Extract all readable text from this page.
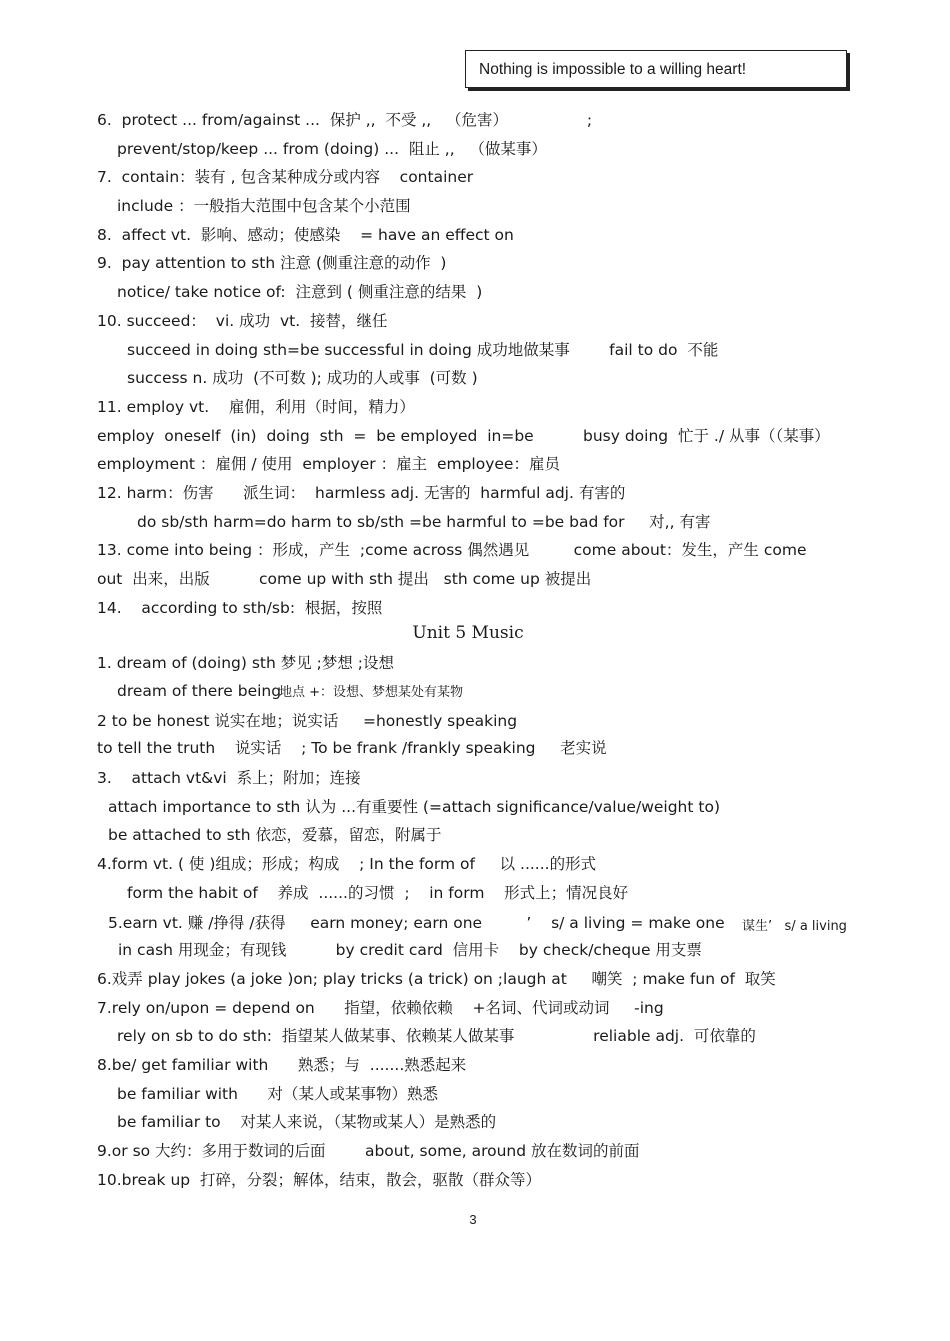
Nothing is impossible to a willing heart!
6.  protect ... from/against ...  保护 ,,  不受 ,,   （危害）                ;
prevent/stop/keep ... from (doing) ...  阻止 ,,   （做某事）
7.  contain：装有 , 包含某种成分或内容    container
include ：一般指大范围中包含某个小范围
8.  affect vt.  影响、感动；使感染    = have an effect on
9.  pay attention to sth 注意 (侧重注意的动作  )
notice/ take notice of:  注意到 ( 侧重注意的结果  )
10. succeed：  vi. 成功  vt.  接替，继任
succeed in doing sth=be successful in doing 成功地做某事        fail to do  不能
success n. 成功  (不可数 ); 成功的人或事  (可数 )
11. employ vt.    雇佣，利用（时间，精力）
employ  oneself  (in)  doing  sth  =  be employed  in=be          busy doing  忙于 ./ 从事（（某事）
employment ：雇佣 / 使用  employer ：雇主  employee：雇员
12. harm：伤害      派生词：  harmless adj. 无害的  harmful adj. 有害的
do sb/sth harm=do harm to sb/sth =be harmful to =be bad for     对,, 有害
13. come into being ：形成，产生  ;come across 偶然遇见         come about：发生，产生 come
out  出来，出版          come up with sth 提出   sth come up 被提出
14.    according to sth/sb:  根据，按照
Unit 5 Music
1. dream of (doing) sth 梦见 ;梦想 ;设想
dream of there being
地点 +：设想、梦想某处有某物
2 to be honest 说实在地；说实话     =honestly speaking
to tell the truth    说实话    ; To be frank /frankly speaking     老实说
3.    attach vt&vi  系上；附加；连接
attach importance to sth 认为 ...有重要性 (=attach significance/value/weight to)
be attached to sth 依恋，爱慕，留恋，附属于
4.form vt. ( 使 )组成；形成；构成    ; In the form of     以 ......的形式
form the habit of    养成  ......的习惯  ;    in form    形式上；情况良好
5.earn vt. 赚 /挣得 /获得     earn money; earn one         ’    s/ a living = make one 谋生’   s/ a living
in cash 用现金；有现钱          by credit card  信用卡    by check/cheque 用支票
6.戏弄 play jokes (a joke )on; play tricks (a trick) on ;laugh at     嘲笑  ; make fun of  取笑
7.rely on/upon = depend on      指望，依赖依赖    +名词、代词或动词     -ing
rely on sb to do sth:  指望某人做某事、依赖某人做某事                reliable adj.  可依靠的
8.be/ get familiar with      熟悉；与  .......熟悉起来
be familiar with      对（某人或某事物）熟悉
be familiar to    对某人来说，（某物或某人）是熟悉的
9.or so 大约：多用于数词的后面        about, some, around 放在数词的前面
10.break up  打碎，分裂；解体，结束，散会，驱散（群众等）
3
